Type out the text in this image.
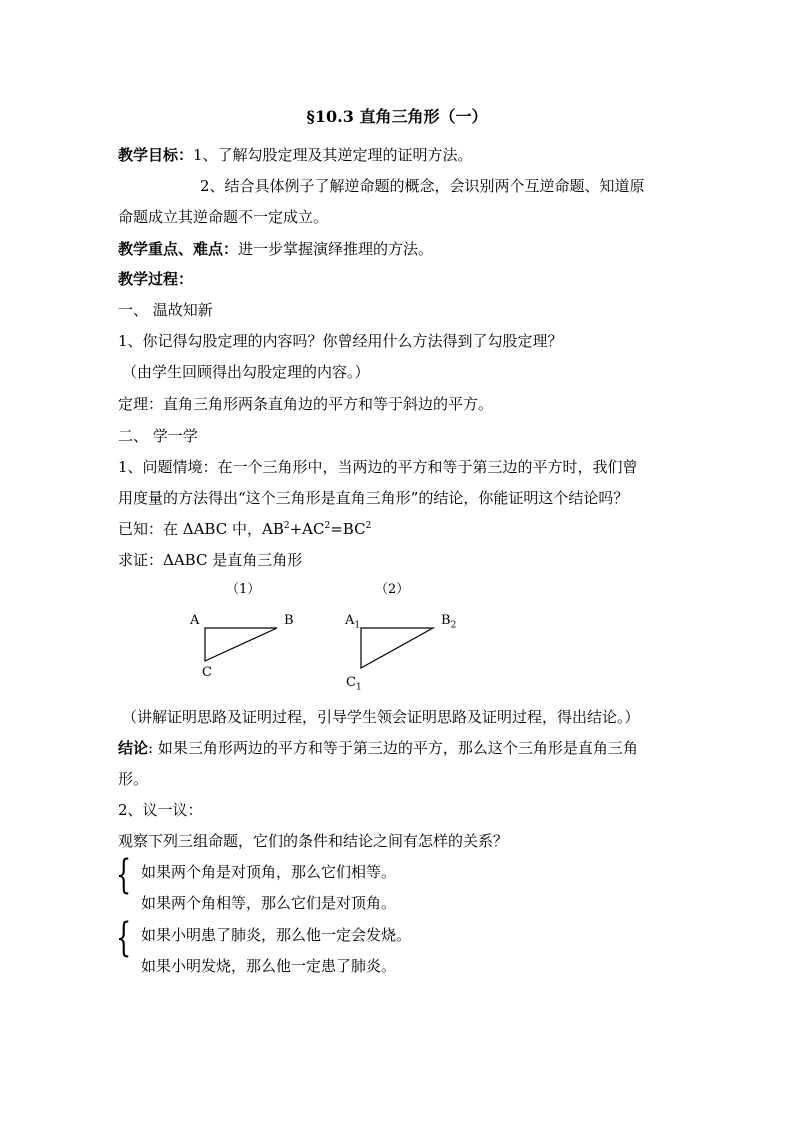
§10.3 直角三角形（一）
教学目标：1、了解勾股定理及其逆定理的证明方法。
2、结合具体例子了解逆命题的概念，会识别两个互逆命题、知道原
命题成立其逆命题不一定成立。
教学重点、难点：进一步掌握演绎推理的方法。
教学过程：
一、 温故知新
1、你记得勾股定理的内容吗？你曾经用什么方法得到了勾股定理？
（由学生回顾得出勾股定理的内容。）
定理：直角三角形两条直角边的平方和等于斜边的平方。
二、 学一学
1、问题情境：在一个三角形中，当两边的平方和等于第三边的平方时，我们曾
用度量的方法得出“这个三角形是直角三角形”的结论，你能证明这个结论吗？
已知：在 ΔABC 中，$AB^2+AC^2=BC^2$
求证：ΔABC 是直角三角形
（1）	（2）
A	B
C
$A_1$	$B_2$
$C_1$
（讲解证明思路及证明过程，引导学生领会证明思路及证明过程，得出结论。）
结论: 如果三角形两边的平方和等于第三边的平方，那么这个三角形是直角三角
形。
2、议一议：
观察下列三组命题，它们的条件和结论之间有怎样的关系？
{ 如果两个角是对顶角，那么它们相等。
如果两个角相等，那么它们是对顶角。
{ 如果小明患了肺炎，那么他一定会发烧。
如果小明发烧，那么他一定患了肺炎。
